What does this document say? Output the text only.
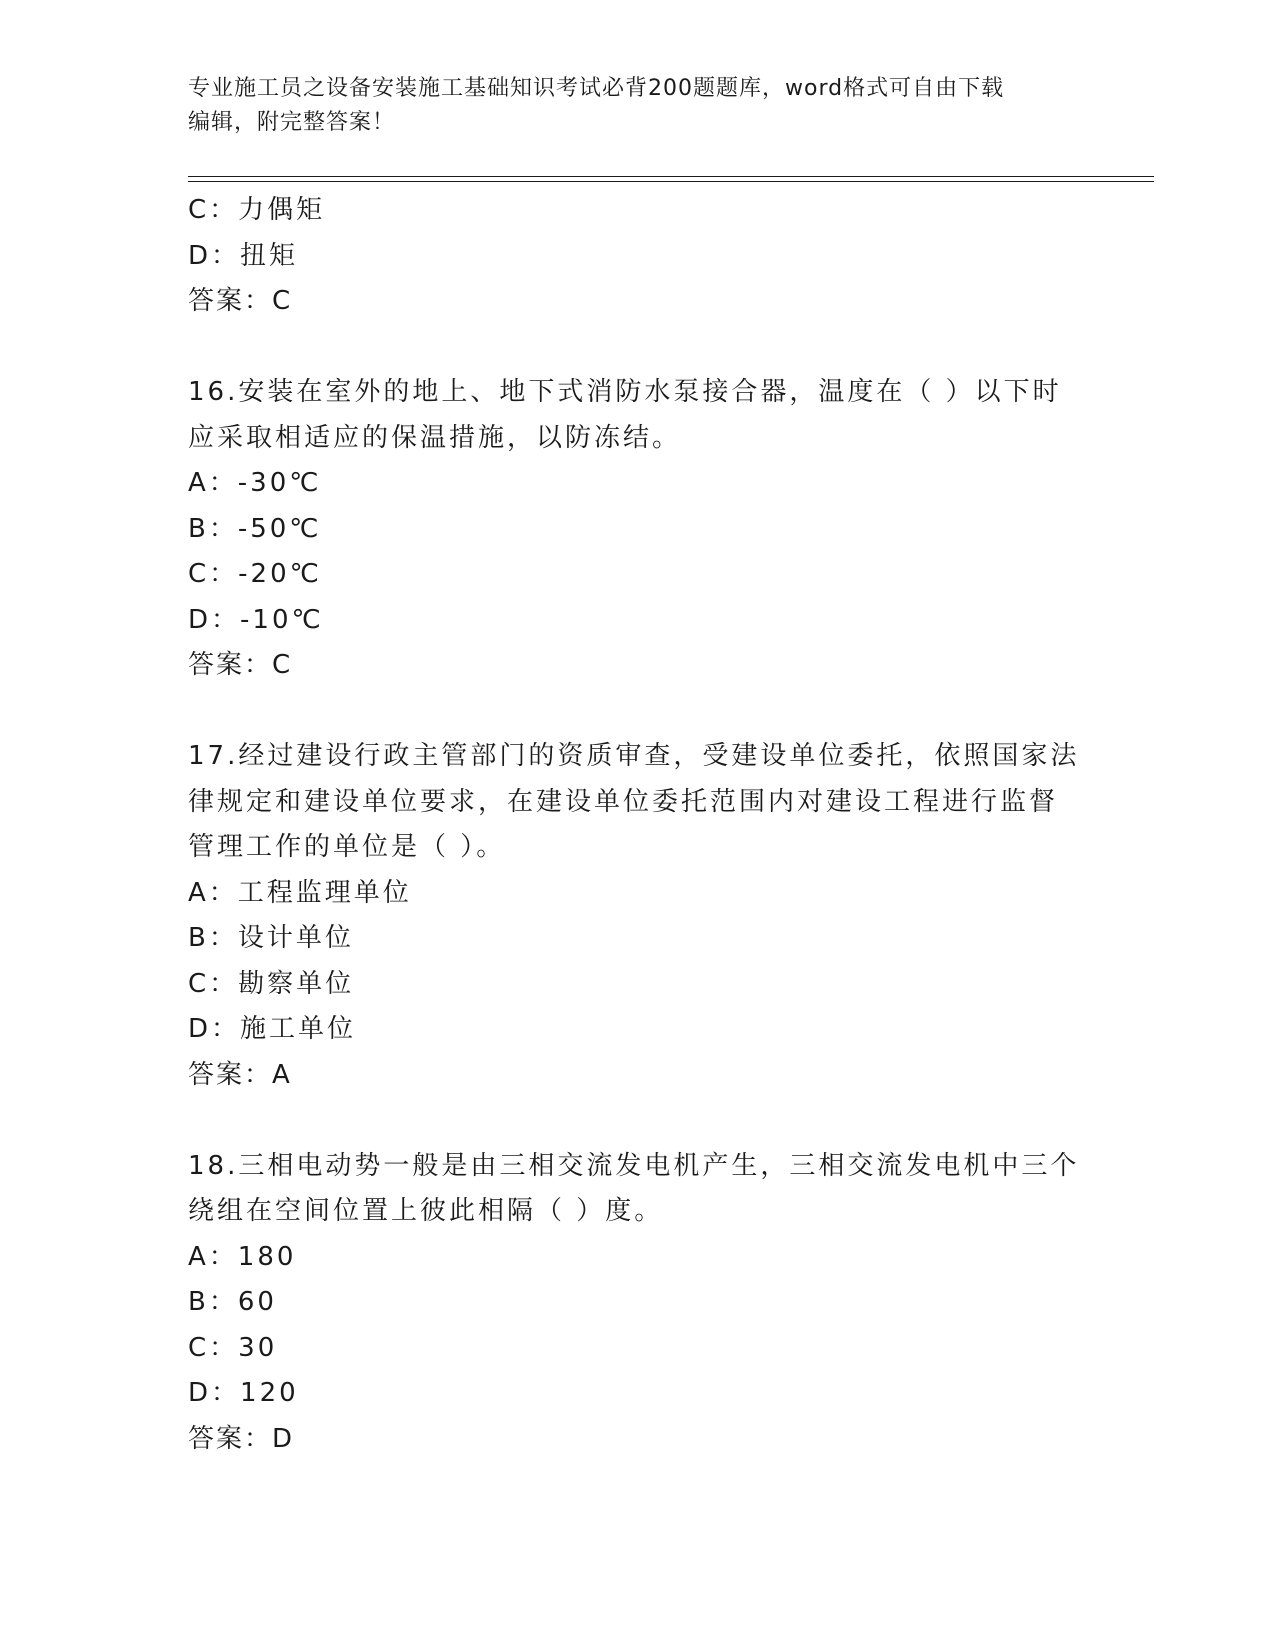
专业施工员之设备安装施工基础知识考试必背200题题库，word格式可自由下载
编辑，附完整答案！
C：力偶矩
D：扭矩
答案：C
16.安装在室外的地上、地下式消防水泵接合器，温度在（ ）以下时
应采取相适应的保温措施，以防冻结。
A：-30℃
B：-50℃
C：-20℃
D：-10℃
答案：C
17.经过建设行政主管部门的资质审查，受建设单位委托，依照国家法
律规定和建设单位要求，在建设单位委托范围内对建设工程进行监督
管理工作的单位是（ ）。
A：工程监理单位
B：设计单位
C：勘察单位
D：施工单位
答案：A
18.三相电动势一般是由三相交流发电机产生，三相交流发电机中三个
绕组在空间位置上彼此相隔（ ）度。
A：180
B：60
C：30
D：120
答案：D
